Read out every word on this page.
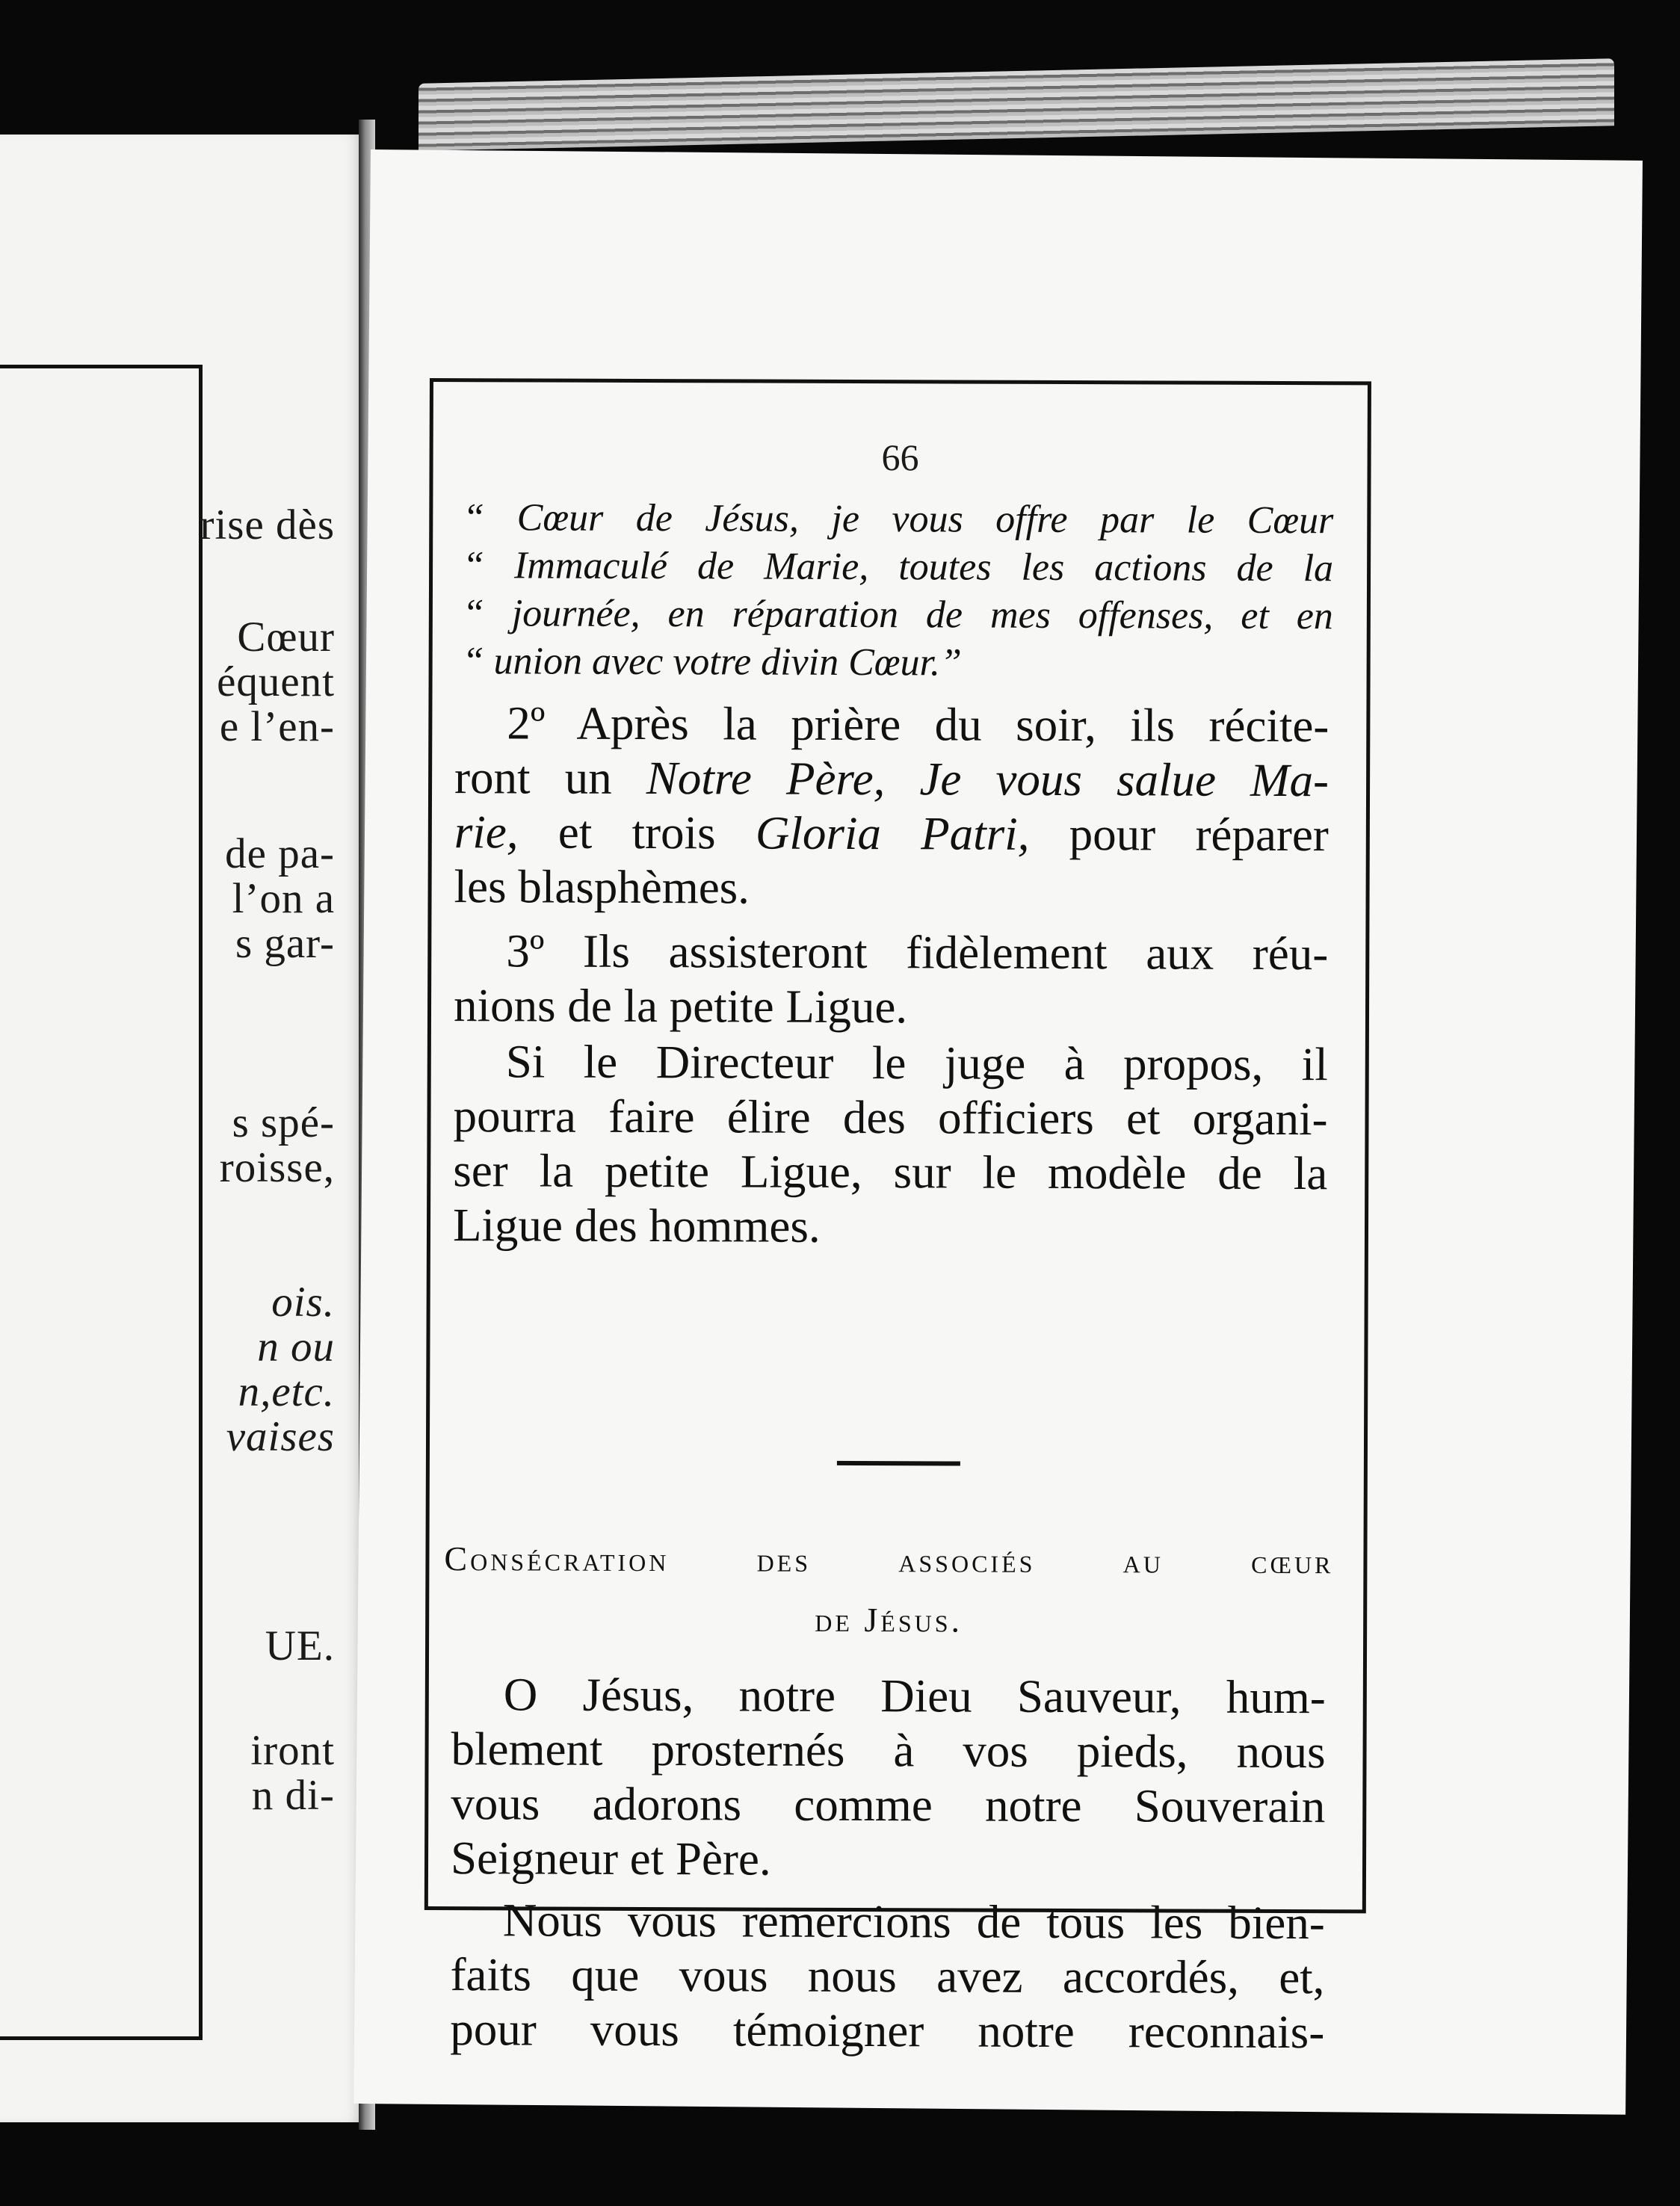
rise dès
Cœur
équent
e l’en-
de pa-
l’on a
s gar-
s spé-
roisse,
ois.
n ou
n,etc.
vaises
UE.
iront
n di-
66
“ Cœur de Jésus, je vous offre par le Cœur
“ Immaculé de Marie, toutes les actions de la
“ journée, en réparation de mes offenses, et en
“ union avec votre divin Cœur.”
2º Après la prière du soir, ils récite-
ront un Notre Père, Je vous salue Ma-
rie, et trois Gloria Patri, pour réparer
les blasphèmes.
3º Ils assisteront fidèlement aux réu-
nions de la petite Ligue.
Si le Directeur le juge à propos, il
pourra faire élire des officiers et organi-
ser la petite Ligue, sur le modèle de la
Ligue des hommes.
Consécration des associés au cœur
de Jésus.
O Jésus, notre Dieu Sauveur, hum-
blement prosternés à vos pieds, nous
vous adorons comme notre Souverain
Seigneur et Père.
Nous vous remercions de tous les bien-
faits que vous nous avez accordés, et,
pour vous témoigner notre reconnais-
